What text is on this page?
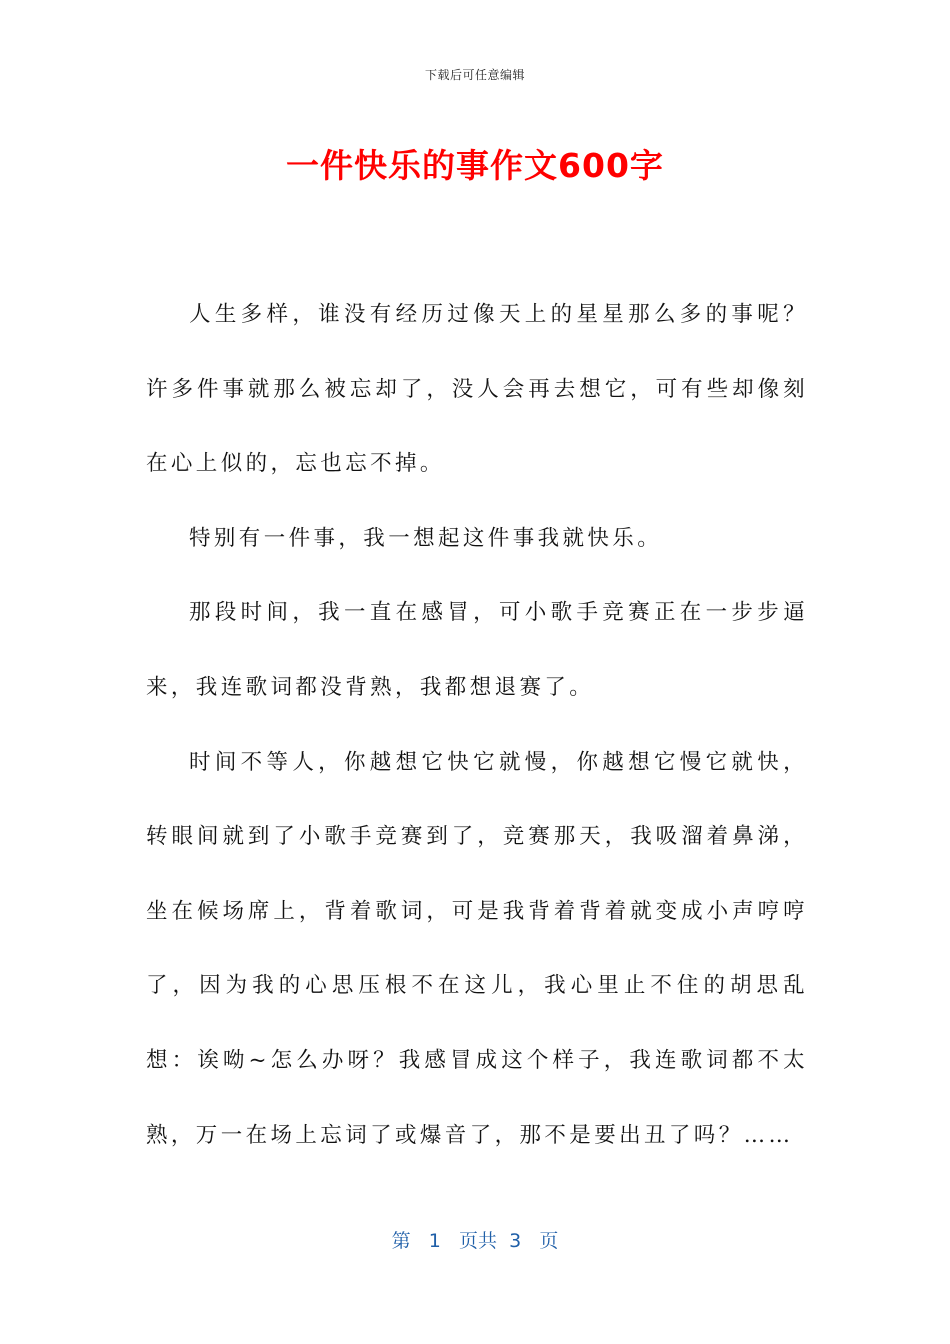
下载后可任意编辑
一件快乐的事作文600字

人生多样，谁没有经历过像天上的星星那么多的事呢？许多件事就那么被忘却了，没人会再去想它，可有些却像刻在心上似的，忘也忘不掉。

特别有一件事，我一想起这件事我就快乐。

那段时间，我一直在感冒，可小歌手竞赛正在一步步逼来，我连歌词都没背熟，我都想退赛了。

时间不等人，你越想它快它就慢，你越想它慢它就快，转眼间就到了小歌手竞赛到了，竞赛那天，我吸溜着鼻涕，坐在候场席上，背着歌词，可是我背着背着就变成小声哼哼了，因为我的心思压根不在这儿，我心里止不住的胡思乱想：诶呦~怎么办呀？我感冒成这个样子，我连歌词都不太熟，万一在场上忘词了或爆音了，那不是要出丑了吗？……

第 1 页共 3 页
